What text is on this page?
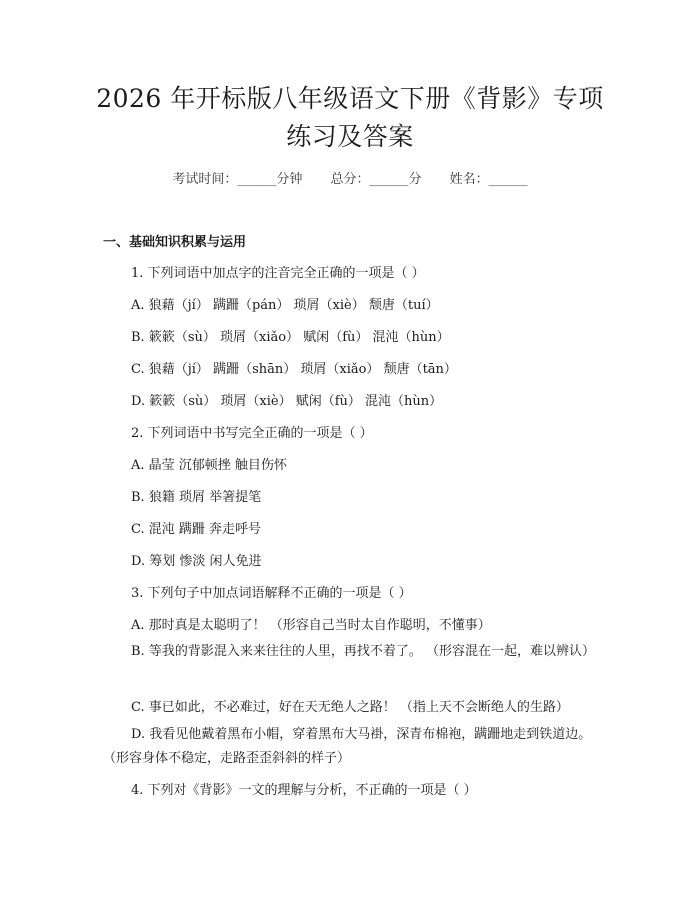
2026 年开标版八年级语文下册《背影》专项
练习及答案
考试时间：______分钟 总分：______分 姓名：______
一、基础知识积累与运用
1. 下列词语中加点字的注音完全正确的一项是（ ）
A. 狼藉（jí） 蹒跚（pán） 琐屑（xiè） 颓唐（tuí）
B. 簌簌（sù） 琐屑（xiǎo） 赋闲（fù） 混沌（hùn）
C. 狼藉（jí） 蹒跚（shān） 琐屑（xiǎo） 颓唐（tān）
D. 簌簌（sù） 琐屑（xiè） 赋闲（fù） 混沌（hùn）
2. 下列词语中书写完全正确的一项是（ ）
A. 晶莹 沉郁顿挫 触目伤怀
B. 狼籍 琐屑 举箸提笔
C. 混沌 蹒跚 奔走呼号
D. 筹划 惨淡 闲人免进
3. 下列句子中加点词语解释不正确的一项是（ ）
A. 那时真是太聪明了！ （形容自己当时太自作聪明，不懂事）
B. 等我的背影混入来来往往的人里，再找不着了。 （形容混在一起，难以辨认）
C. 事已如此，不必难过，好在天无绝人之路！ （指上天不会断绝人的生路）
D. 我看见他戴着黑布小帽，穿着黑布大马褂，深青布棉袍，蹒跚地走到铁道边。 （形容身体不稳定，走路歪歪斜斜的样子）
4. 下列对《背影》一文的理解与分析，不正确的一项是（ ）
